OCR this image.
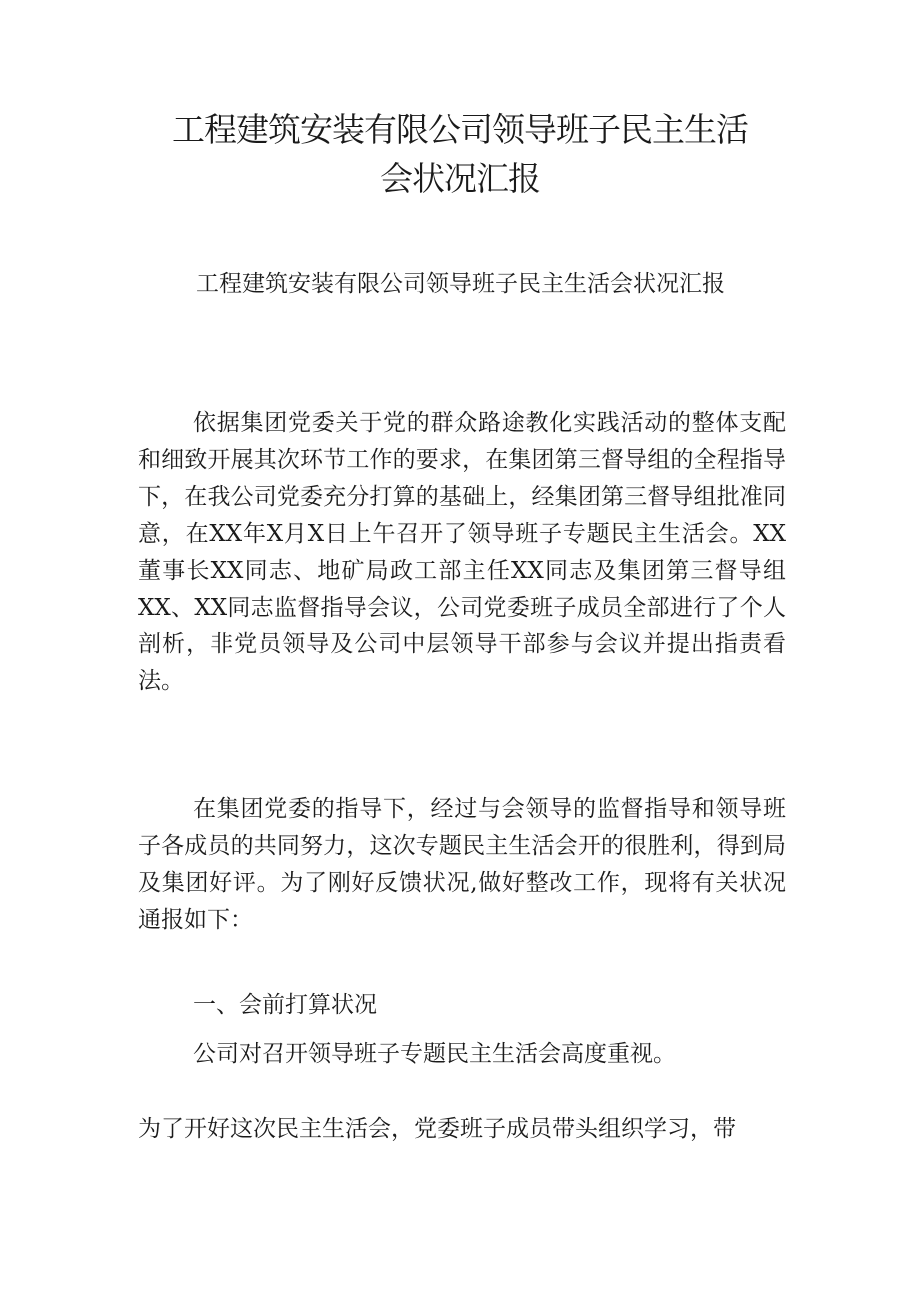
工程建筑安装有限公司领导班子民主生活
会状况汇报

工程建筑安装有限公司领导班子民主生活会状况汇报

依据集团党委关于党的群众路途教化实践活动的整体支配和细致开展其次环节工作的要求，在集团第三督导组的全程指导下，在我公司党委充分打算的基础上，经集团第三督导组批准同意，在XX年X月X日上午召开了领导班子专题民主生活会。XX董事长XX同志、地矿局政工部主任XX同志及集团第三督导组XX、XX同志监督指导会议，公司党委班子成员全部进行了个人剖析，非党员领导及公司中层领导干部参与会议并提出指责看法。

在集团党委的指导下，经过与会领导的监督指导和领导班子各成员的共同努力，这次专题民主生活会开的很胜利，得到局及集团好评。为了刚好反馈状况,做好整改工作，现将有关状况通报如下：

一、会前打算状况

公司对召开领导班子专题民主生活会高度重视。

为了开好这次民主生活会，党委班子成员带头组织学习，带
